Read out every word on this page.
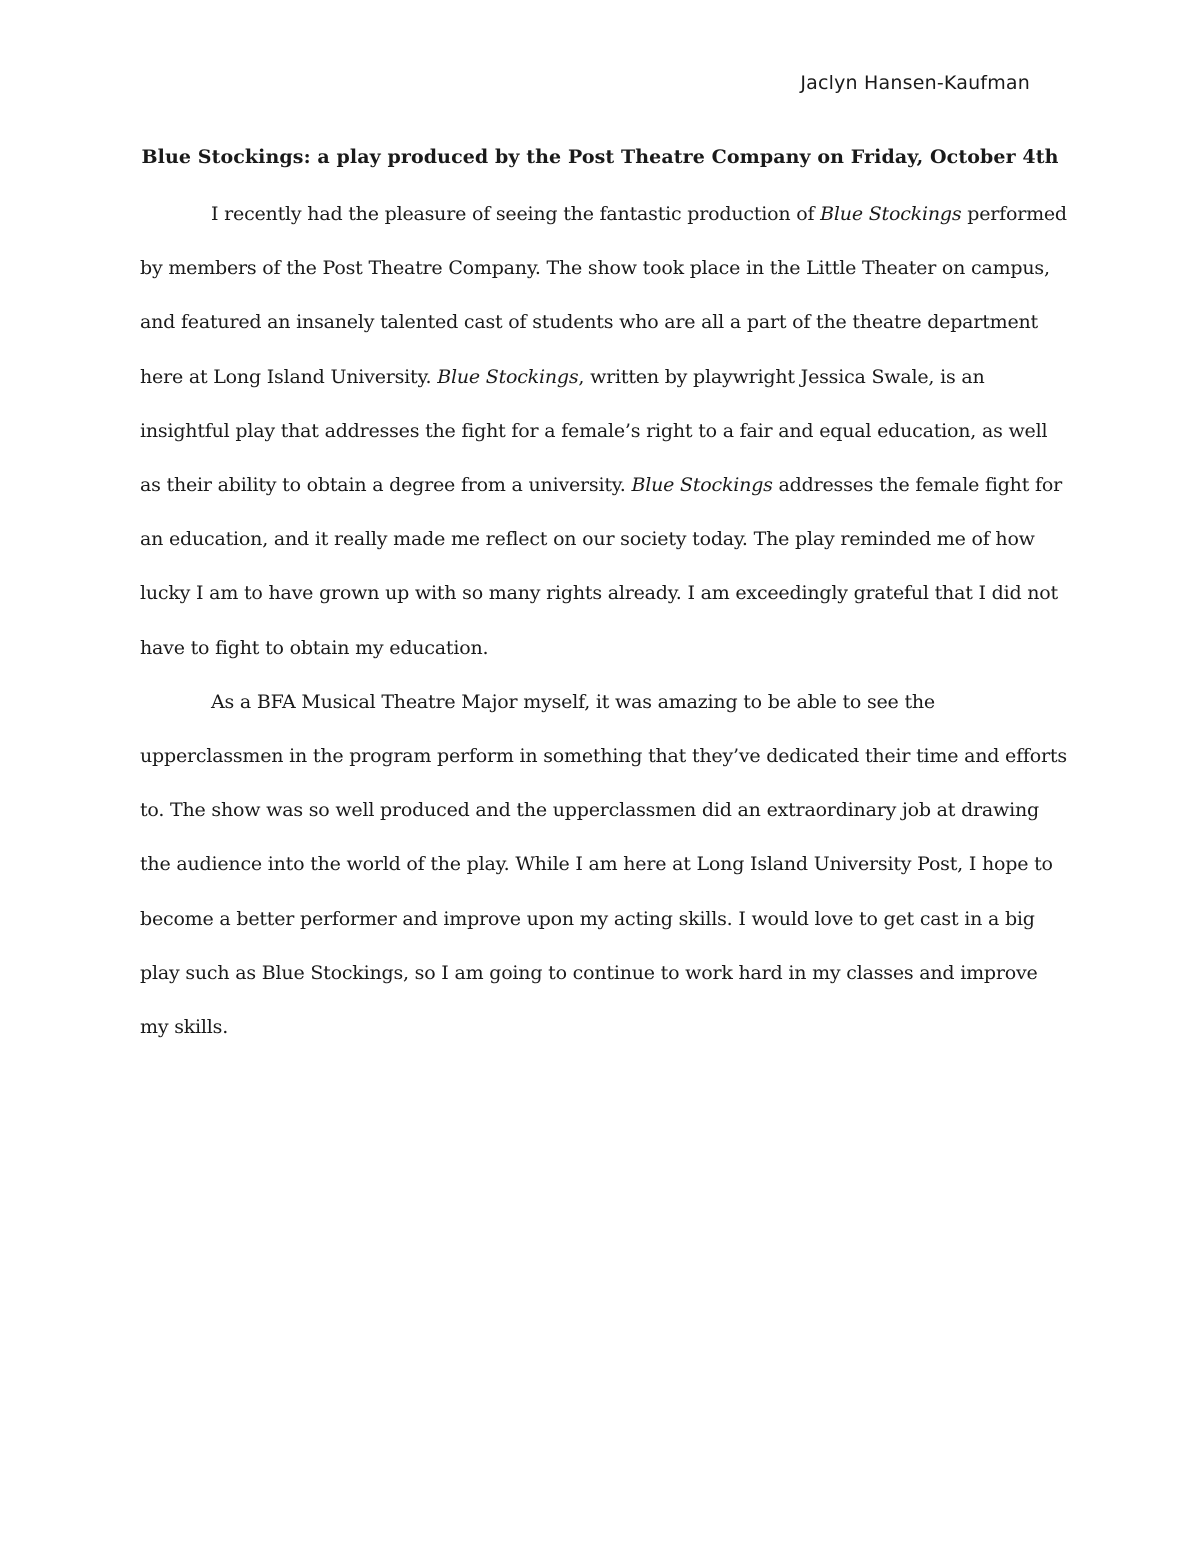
Jaclyn Hansen-Kaufman
Blue Stockings: a play produced by the Post Theatre Company on Friday, October 4th
I recently had the pleasure of seeing the fantastic production of Blue Stockings performed
by members of the Post Theatre Company. The show took place in the Little Theater on campus,
and featured an insanely talented cast of students who are all a part of the theatre department
here at Long Island University. Blue Stockings, written by playwright Jessica Swale, is an
insightful play that addresses the fight for a female’s right to a fair and equal education, as well
as their ability to obtain a degree from a university. Blue Stockings addresses the female fight for
an education, and it really made me reflect on our society today. The play reminded me of how
lucky I am to have grown up with so many rights already. I am exceedingly grateful that I did not
have to fight to obtain my education.
As a BFA Musical Theatre Major myself, it was amazing to be able to see the
upperclassmen in the program perform in something that they’ve dedicated their time and efforts
to. The show was so well produced and the upperclassmen did an extraordinary job at drawing
the audience into the world of the play. While I am here at Long Island University Post, I hope to
become a better performer and improve upon my acting skills. I would love to get cast in a big
play such as Blue Stockings, so I am going to continue to work hard in my classes and improve
my skills.
